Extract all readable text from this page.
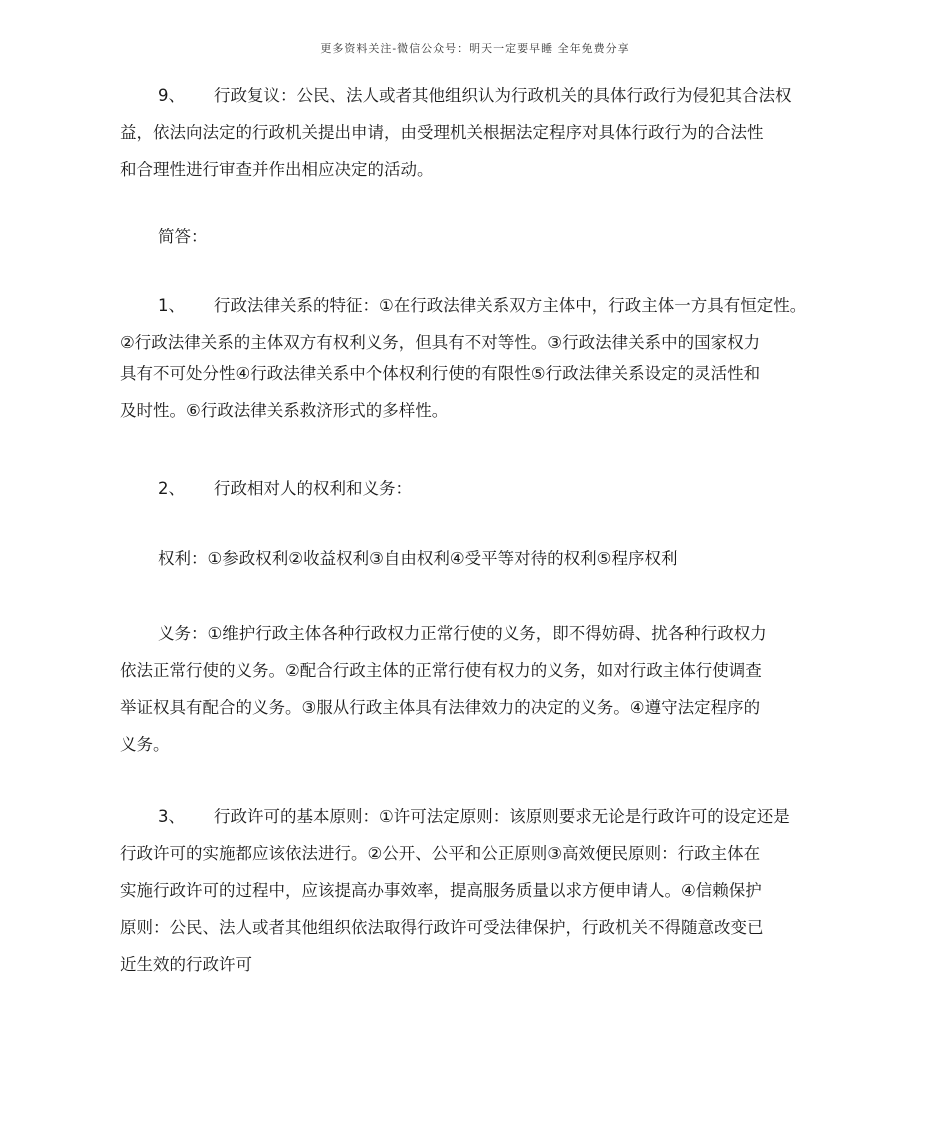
更多资料关注-微信公众号：明天一定要早睡 全年免费分享
9、 行政复议：公民、法人或者其他组织认为行政机关的具体行政行为侵犯其合法权
益，依法向法定的行政机关提出申请，由受理机关根据法定程序对具体行政行为的合法性
和合理性进行审查并作出相应决定的活动。
简答：
1、 行政法律关系的特征：①在行政法律关系双方主体中，行政主体一方具有恒定性。
②行政法律关系的主体双方有权利义务，但具有不对等性。③行政法律关系中的国家权力
具有不可处分性④行政法律关系中个体权利行使的有限性⑤行政法律关系设定的灵活性和
及时性。⑥行政法律关系救济形式的多样性。
2、 行政相对人的权利和义务：
权利：①参政权利②收益权利③自由权利④受平等对待的权利⑤程序权利
义务：①维护行政主体各种行政权力正常行使的义务，即不得妨碍、扰各种行政权力
依法正常行使的义务。②配合行政主体的正常行使有权力的义务，如对行政主体行使调查
举证权具有配合的义务。③服从行政主体具有法律效力的决定的义务。④遵守法定程序的
义务。
3、 行政许可的基本原则：①许可法定原则：该原则要求无论是行政许可的设定还是
行政许可的实施都应该依法进行。②公开、公平和公正原则③高效便民原则：行政主体在
实施行政许可的过程中，应该提高办事效率，提高服务质量以求方便申请人。④信赖保护
原则：公民、法人或者其他组织依法取得行政许可受法律保护，行政机关不得随意改变已
近生效的行政许可
